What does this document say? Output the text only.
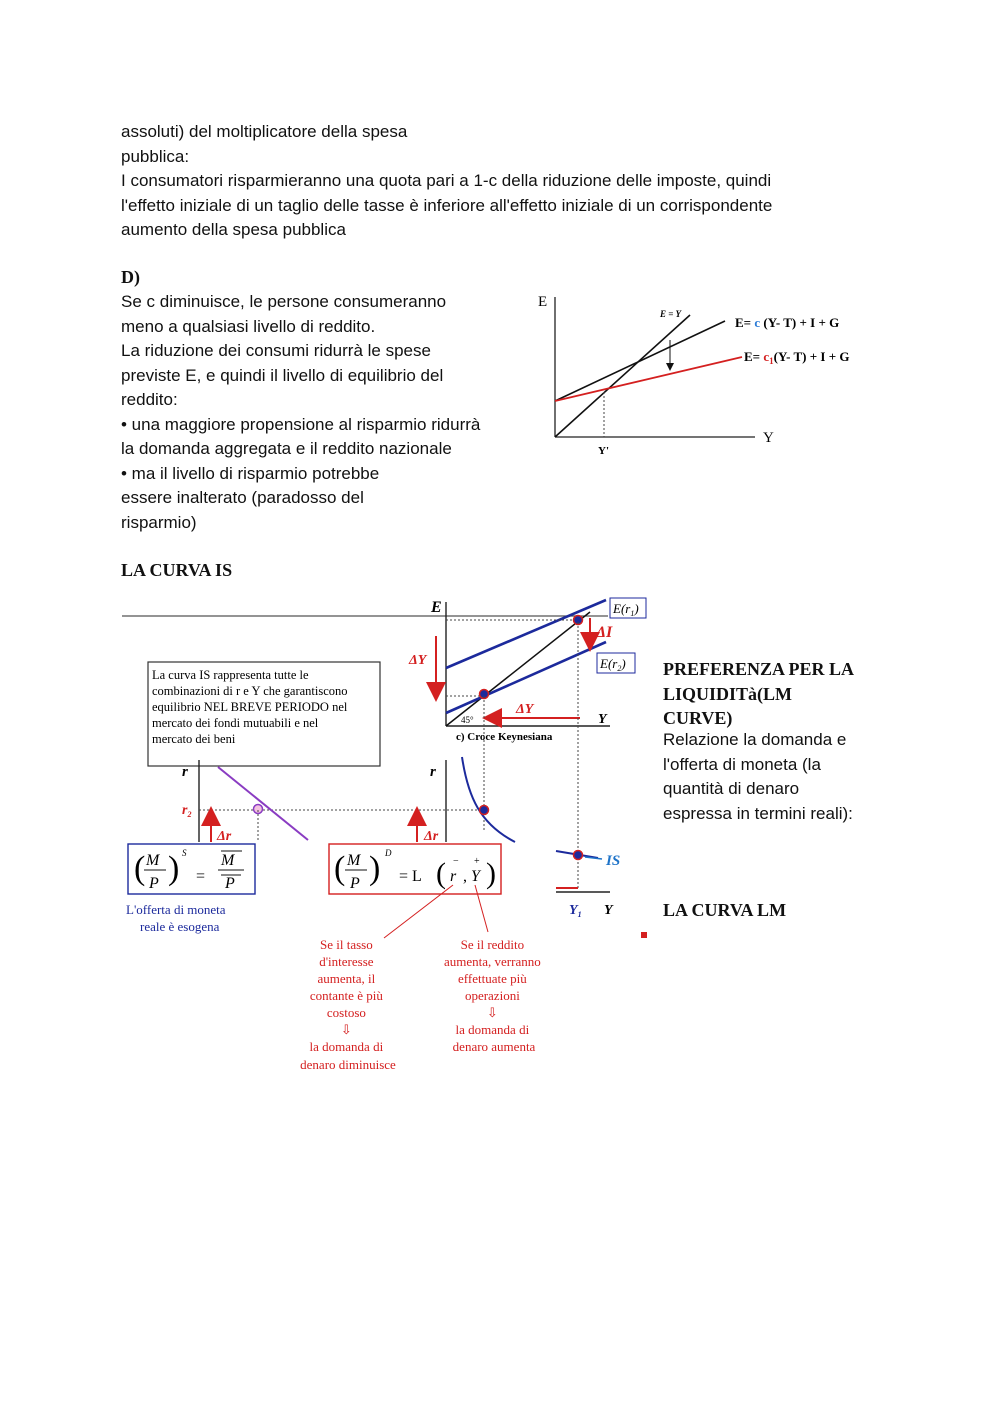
assoluti) del moltiplicatore della spesa
pubblica:
I consumatori risparmieranno una quota pari a 1-c della riduzione delle imposte, quindi
l'effetto iniziale di un taglio delle tasse è inferiore all'effetto iniziale di un corrispondente
aumento della spesa pubblica
D)
Se c diminuisce, le persone consumeranno
meno a qualsiasi livello di reddito.
La riduzione dei consumi ridurrà le spese
previste E, e quindi il livello di equilibrio del
reddito:
• una maggiore propensione al risparmio ridurrà
la domanda aggregata e il reddito nazionale
• ma il livello di risparmio potrebbe
essere inalterato (paradosso del
risparmio)
E
Y
E = Y
E= c (Y- T) + I + G
$E= c_1(Y-$ T) + I + G
Y'
LA CURVA IS
E
Y
45°
$E(r_1)$
$E(r_2)$
ΔI
ΔY
ΔY
c) Croce Keynesiana
La curva IS rappresenta tutte le combinazioni di r e Y che garantiscono equilibrio NEL BREVE PERIODO nel mercato dei fondi mutuabili e nel mercato dei beni
r
$r_2$
Δr
r
Δr
IS
$Y_1$ Y
( M
P ) S
=
M
P
L'offerta di moneta reale è esogena
( M
P ) D
= L ( −
r ,
+
Y )
Se il tasso d'interesse aumenta, il contante è più costoso ⇩ la domanda di denaro diminuisce
Se il reddito aumenta, verranno effettuate più operazioni ⇩ la domanda di denaro aumenta
PREFERENZA PER LA
LIQUIDITà(LM
CURVE)
Relazione la domanda e
l'offerta di moneta (la
quantità di denaro
espressa in termini reali):
LA CURVA LM
